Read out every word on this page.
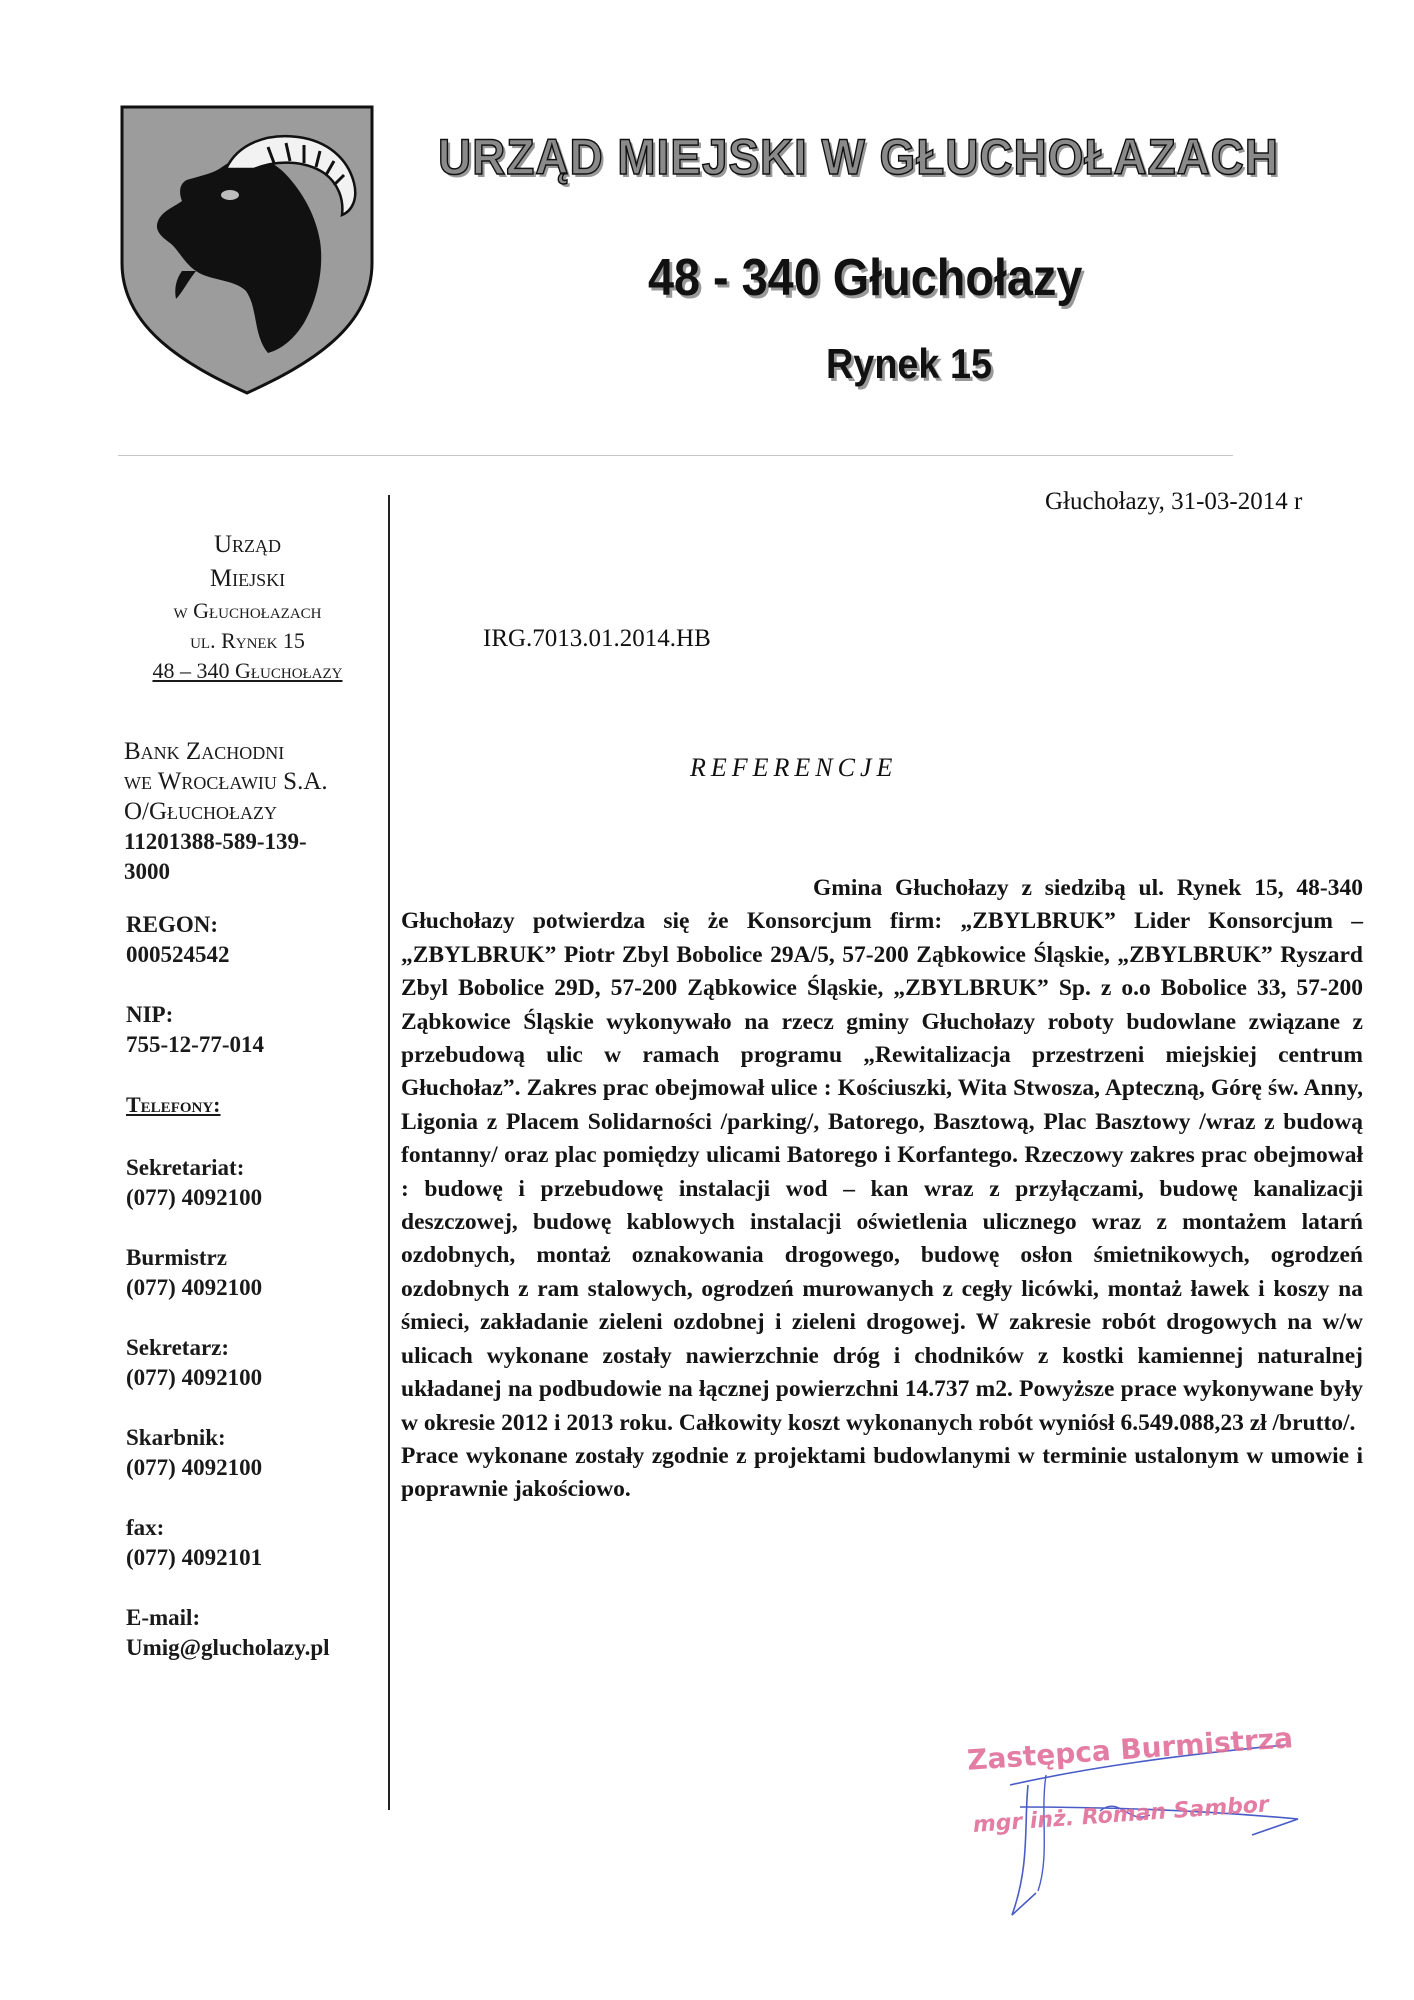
URZĄD MIEJSKI W GŁUCHOŁAZACH
48 - 340 Głuchołazy
Rynek 15
Urząd
Miejski
w Głuchołazach
ul. Rynek 15
48 – 340 Głuchołazy
Bank Zachodni
we Wrocławiu S.A.
O/Głuchołazy
11201388-589-139-
3000
REGON:
000524542
NIP:
755-12-77-014
Telefony:
Sekretariat:
(077) 4092100
Burmistrz
(077) 4092100
Sekretarz:
(077) 4092100
Skarbnik:
(077) 4092100
fax:
(077) 4092101
E-mail:
Umig@glucholazy.pl
Głuchołazy, 31-03-2014 r
IRG.7013.01.2014.HB
REFERENCJE

Gmina Głuchołazy z siedzibą ul. Rynek 15, 48-340 Głuchołazy potwierdza się że Konsorcjum firm: „ZBYLBRUK” Lider Konsorcjum – „ZBYLBRUK” Piotr Zbyl Bobolice 29A/5, 57-200 Ząbkowice Śląskie, „ZBYLBRUK” Ryszard Zbyl Bobolice 29D, 57-200 Ząbkowice Śląskie, „ZBYLBRUK” Sp. z o.o Bobolice 33, 57-200 Ząbkowice Śląskie wykonywało na rzecz gminy Głuchołazy roboty budowlane związane z przebudową ulic w ramach programu „Rewitalizacja przestrzeni miejskiej centrum Głuchołaz”. Zakres prac obejmował ulice : Kościuszki, Wita Stwosza, Apteczną, Górę św. Anny, Ligonia z Placem Solidarności /parking/, Batorego, Basztową, Plac Basztowy /wraz z budową fontanny/ oraz plac pomiędzy ulicami Batorego i Korfantego. Rzeczowy zakres prac obejmował : budowę i przebudowę instalacji wod – kan wraz z przyłączami, budowę kanalizacji deszczowej, budowę kablowych instalacji oświetlenia ulicznego wraz z montażem latarń ozdobnych, montaż oznakowania drogowego, budowę osłon śmietnikowych, ogrodzeń ozdobnych z ram stalowych, ogrodzeń murowanych z cegły licówki, montaż ławek i koszy na śmieci, zakładanie zieleni ozdobnej i zieleni drogowej. W zakresie robót drogowych na w/w ulicach wykonane zostały nawierzchnie dróg i chodników z kostki kamiennej naturalnej układanej na podbudowie na łącznej powierzchni 14.737 m2. Powyższe prace wykonywane były w okresie 2012 i 2013 roku. Całkowity koszt wykonanych robót wyniósł 6.549.088,23 zł /brutto/.

Prace wykonane zostały zgodnie z projektami budowlanymi w terminie ustalonym w umowie i poprawnie jakościowo.

Zastępca Burmistrza
mgr inż. Roman Sambor
